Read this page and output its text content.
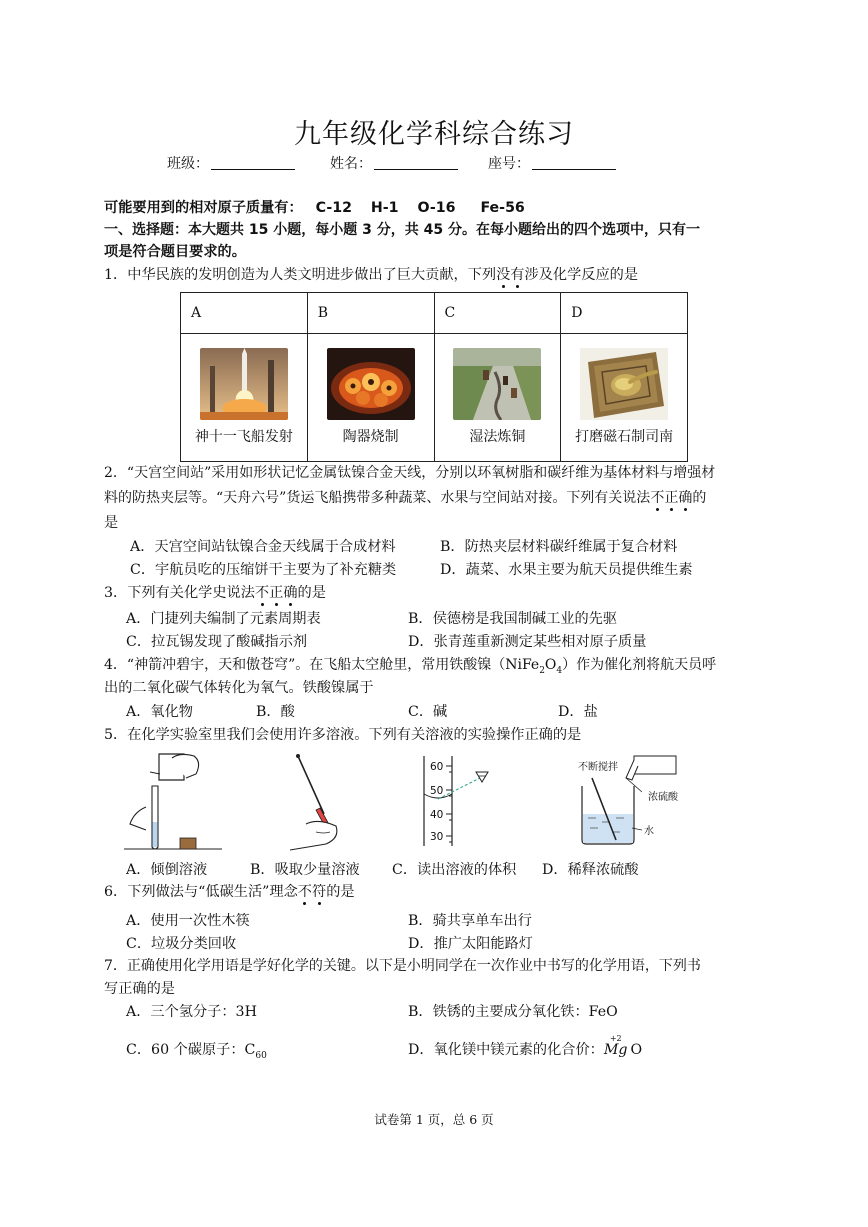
九年级化学科综合练习
班级：	姓名：	座号：
可能要用到的相对原子质量有： C-12 H-1 O-16 Fe-56
一、选择题：本大题共 15 小题，每小题 3 分，共 45 分。在每小题给出的四个选项中，只有一
项是符合题目要求的。
1．中华民族的发明创造为人类文明进步做出了巨大贡献，下列没有涉及化学反应的是
A	B	C	D

神十一飞船发射	陶器烧制	湿法炼铜	打磨磁石制司南
2．“天宫空间站”采用如形状记忆金属钛镍合金天线，分别以环氧树脂和碳纤维为基体材料与增强材
料的防热夹层等。“天舟六号”货运飞船携带多种蔬菜、水果与空间站对接。下列有关说法不正确的
是
A．天宫空间站钛镍合金天线属于合成材料	B．防热夹层材料碳纤维属于复合材料
C．宇航员吃的压缩饼干主要为了补充糖类	D．蔬菜、水果主要为航天员提供维生素
3．下列有关化学史说法不正确的是
A．门捷列夫编制了元素周期表	B．侯德榜是我国制碱工业的先驱
C．拉瓦锡发现了酸碱指示剂	D．张青莲重新测定某些相对原子质量
4．“神箭冲碧宇，天和傲苍穹”。在飞船太空舱里，常用铁酸镍$(NiFe_2O_4)$作为催化剂将航天员呼
出的二氧化碳气体转化为氧气。铁酸镍属于
A．氧化物	B．酸	C．碱	D．盐
5．在化学实验室里我们会使用许多溶液。下列有关溶液的实验操作正确的是
60
50
40
30
不断搅拌
浓硫酸
水
A．倾倒溶液	B．吸取少量溶液 C．读出溶液的体积 D．稀释浓硫酸
6．下列做法与“低碳生活”理念不符的是
A．使用一次性木筷	B．骑共享单车出行
C．垃圾分类回收	D．推广太阳能路灯
7．正确使用化学用语是学好化学的关键。以下是小明同学在一次作业中书写的化学用语，下列书
写正确的是
A．三个氢分子：3H	B．铁锈的主要成分氧化铁：FeO
C．60 个碳原子：$C_{60}$	D．氧化镁中镁元素的化合价：
+2
Mg O
试卷第 1 页，总 6 页
